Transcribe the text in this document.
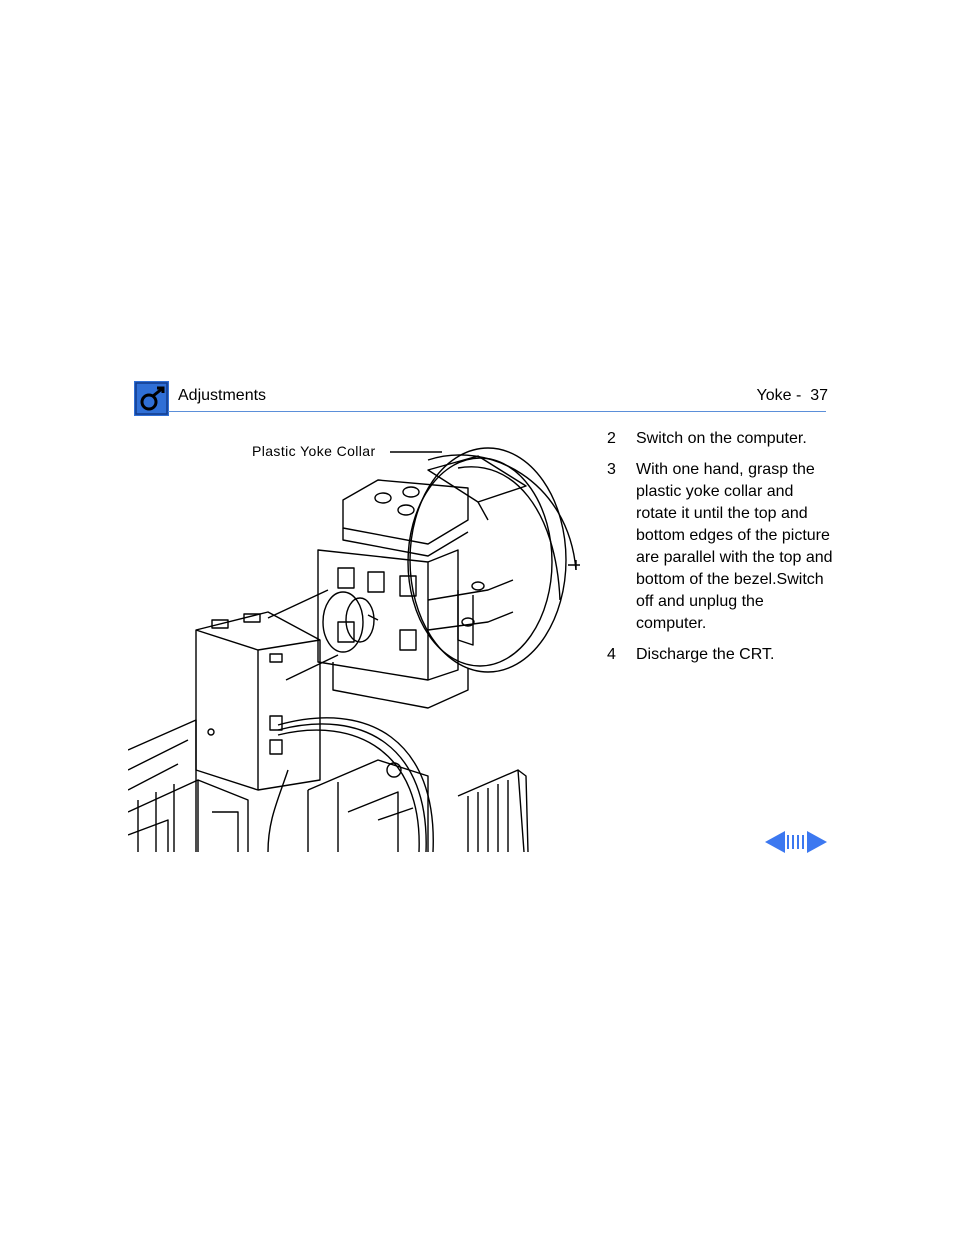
Adjustments	Yoke -  37
Plastic Yoke Collar
2	Switch on the computer.
3	With one hand, grasp the plastic yoke collar and rotate it until the top and bottom edges of the picture are parallel with the top and bottom of the bezel.Switch off and unplug the computer.
4	Discharge the CRT.
